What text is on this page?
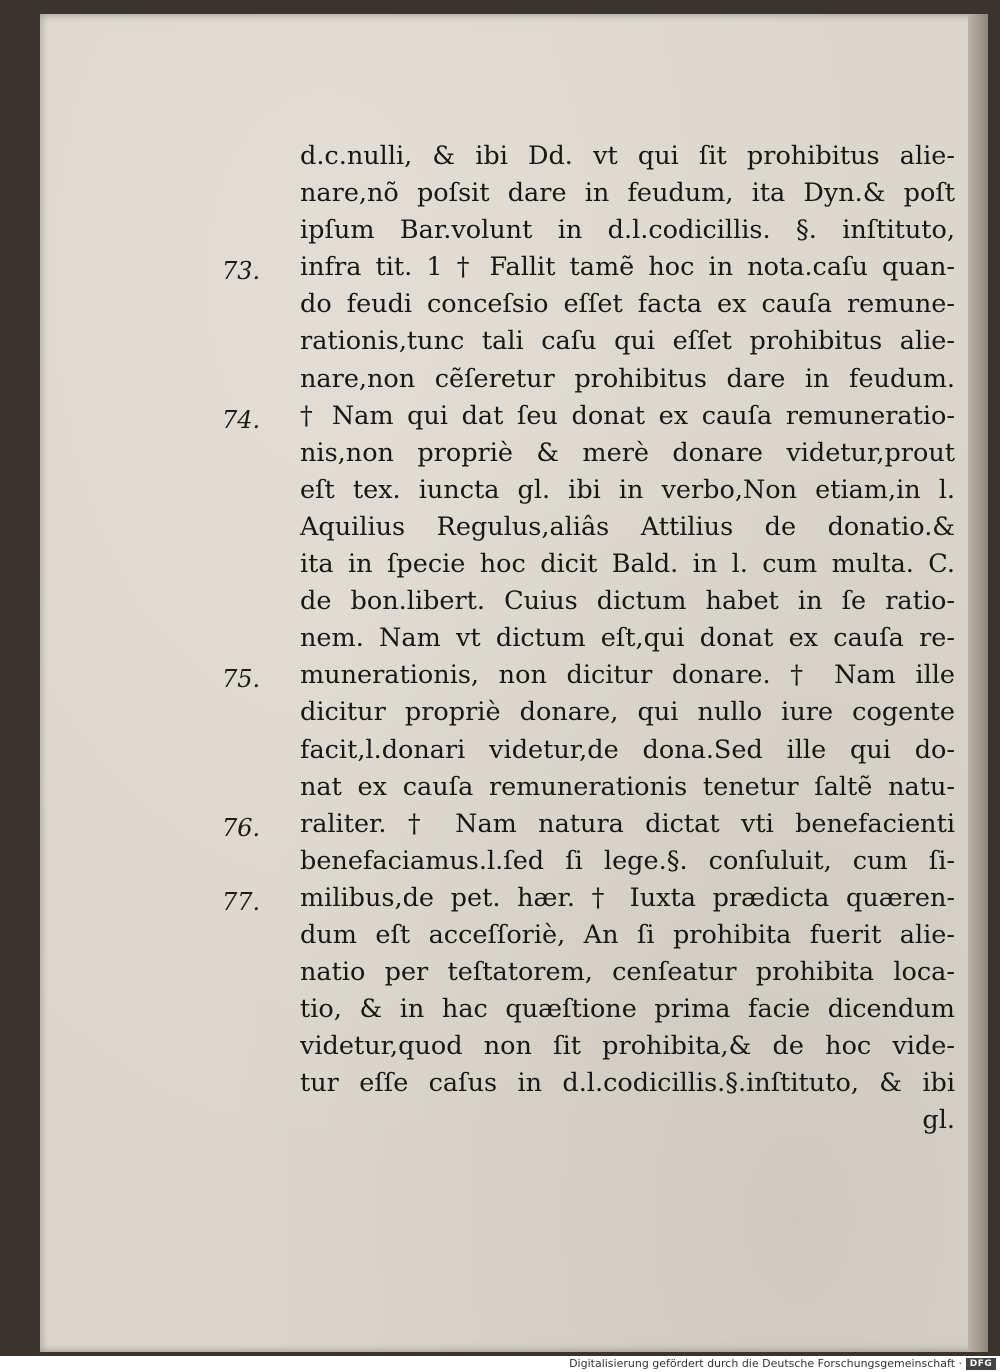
d.c.nulli, & ibi Dd. vt qui ſit prohibitus alie-
nare,nõ poſsit dare in feudum, ita Dyn.& poſt
ipſum Bar.volunt in d.l.codicillis. §. inſtituto,
73.	infra tit. 1 † Fallit tamẽ hoc in nota.caſu quan-
do feudi conceſsio eſſet facta ex cauſa remune-
rationis,tunc tali caſu qui eſſet prohibitus alie-
nare,non cẽſeretur prohibitus dare in feudum.
74.	† Nam qui dat ſeu donat ex cauſa remuneratio-
nis,non propriè & merè donare videtur,prout
eſt tex. iuncta gl. ibi in verbo,Non etiam,in l.
Aquilius Regulus,aliâs Attilius de donatio.&
ita in ſpecie hoc dicit Bald. in l. cum multa. C.
de bon.libert. Cuius dictum habet in ſe ratio-
nem. Nam vt dictum eſt,qui donat ex cauſa re-
75.	munerationis, non dicitur donare. † Nam ille
dicitur propriè donare, qui nullo iure cogente
facit,l.donari videtur,de dona.Sed ille qui do-
nat ex cauſa remunerationis tenetur ſaltẽ natu-
76.	raliter. † Nam natura dictat vti benefacienti
benefaciamus.l.ſed ſi lege.§. conſuluit, cum ſi-
77.	milibus,de pet. hær. † Iuxta prædicta quæren-
dum eſt acceſſoriè, An ſi prohibita fuerit alie-
natio per teſtatorem, cenſeatur prohibita loca-
tio, & in hac quæſtione prima facie dicendum
videtur,quod non ſit prohibita,& de hoc vide-
tur eſſe caſus in d.l.codicillis.§.inſtituto, & ibi
gl.
Digitalisierung gefördert durch die Deutsche Forschungsgemeinschaft · DFG
